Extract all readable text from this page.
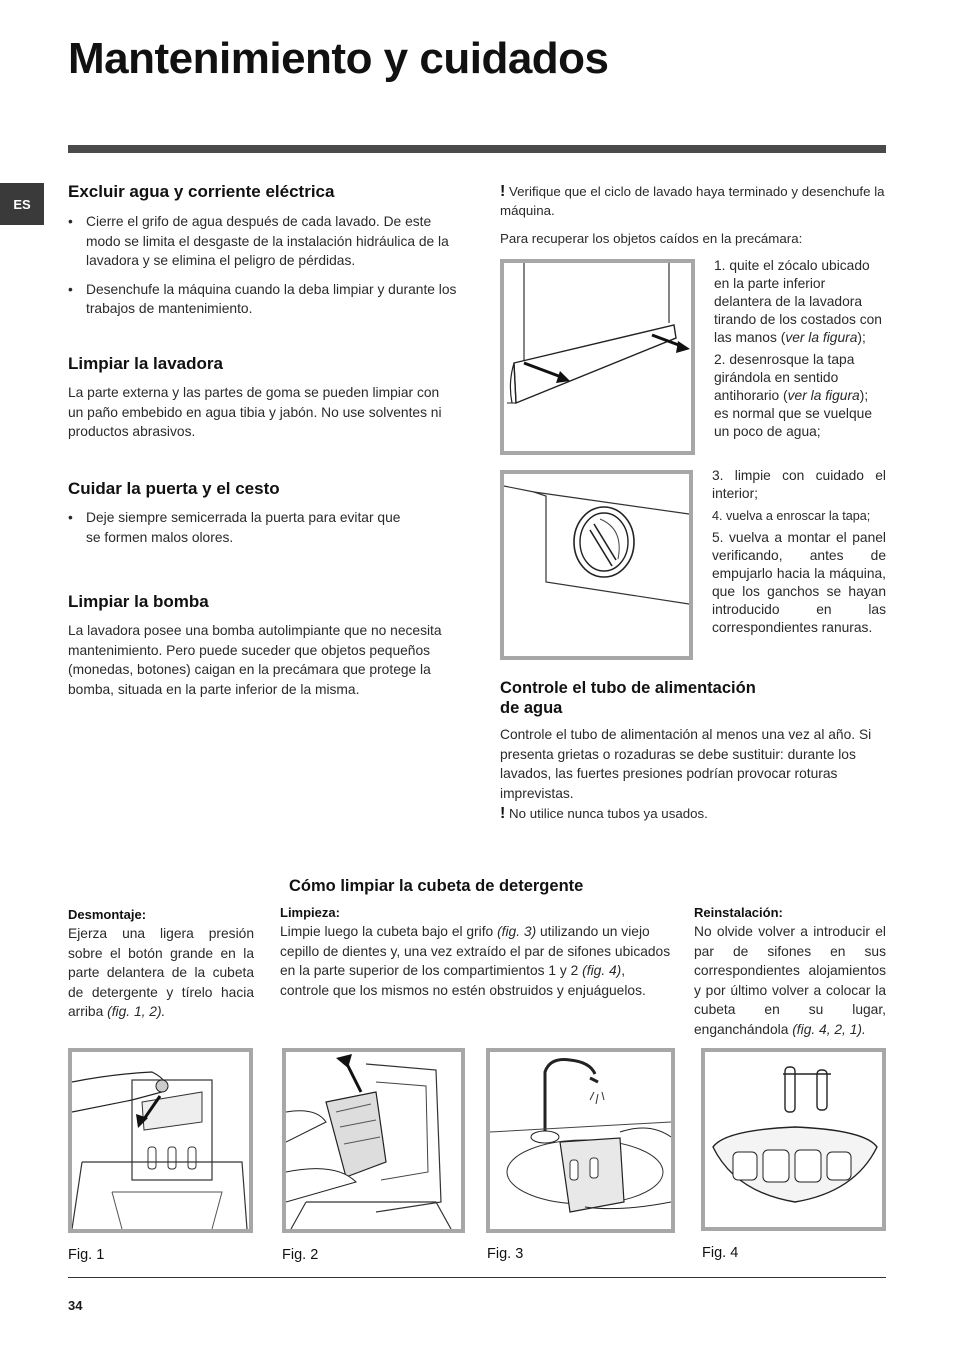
Mantenimiento y cuidados
ES
Excluir agua y corriente eléctrica
• Cierre el grifo de agua después de cada lavado. De este modo se limita el desgaste de la instalación hidráulica de la lavadora y se elimina el peligro de pérdidas.
• Desenchufe la máquina cuando la deba limpiar y durante los trabajos de mantenimiento.
Limpiar la lavadora

La parte externa y las partes de goma se pueden limpiar con un paño embebido en agua tibia y jabón. No use solventes ni productos abrasivos.

Cuidar la puerta y el cesto
• Deje siempre semicerrada la puerta para evitar que se formen malos olores.
Limpiar la bomba

La lavadora posee una bomba autolimpiante que no necesita mantenimiento. Pero puede suceder que objetos pequeños (monedas, botones) caigan en la precámara que protege la bomba, situada en la parte inferior de la misma.

! Verifique que el ciclo de lavado haya terminado y desenchufe la máquina.

Para recuperar los objetos caídos en la precámara:

1. quite el zócalo ubicado en la parte inferior delantera de la lavadora tirando de los costados con las manos (ver la figura);

2. desenrosque la tapa girándola en sentido antihorario (ver la figura); es normal que se vuelque un poco de agua;

3. limpie con cuidado el interior;

4. vuelva a enroscar la tapa;

5. vuelva a montar el panel verificando, antes de empujarlo hacia la máquina, que los ganchos se hayan introducido en las correspondientes ranuras.

Controle el tubo de alimentación
de agua

Controle el tubo de alimentación al menos una vez al año. Si presenta grietas o rozaduras se debe sustituir: durante los lavados, las fuertes presiones podrían provocar roturas imprevistas.

! No utilice nunca tubos ya usados.

Cómo limpiar la cubeta de detergente

Desmontaje:

Ejerza una ligera presión sobre el botón grande en la parte delantera de la cubeta de detergente y tírelo hacia arriba (fig. 1, 2).

Limpieza:

Limpie luego la cubeta bajo el grifo (fig. 3) utilizando un viejo cepillo de dientes y, una vez extraído el par de sifones ubicados en la parte superior de los compartimientos 1 y 2 (fig. 4), controle que los mismos no estén obstruidos y enjuáguelos.

Reinstalación:

No olvide volver a introducir el par de sifones en sus correspondientes alojamientos y por último volver a colocar la cubeta en su lugar, enganchándola (fig. 4, 2, 1).

Fig. 1	Fig. 2	Fig. 3	Fig. 4
34
